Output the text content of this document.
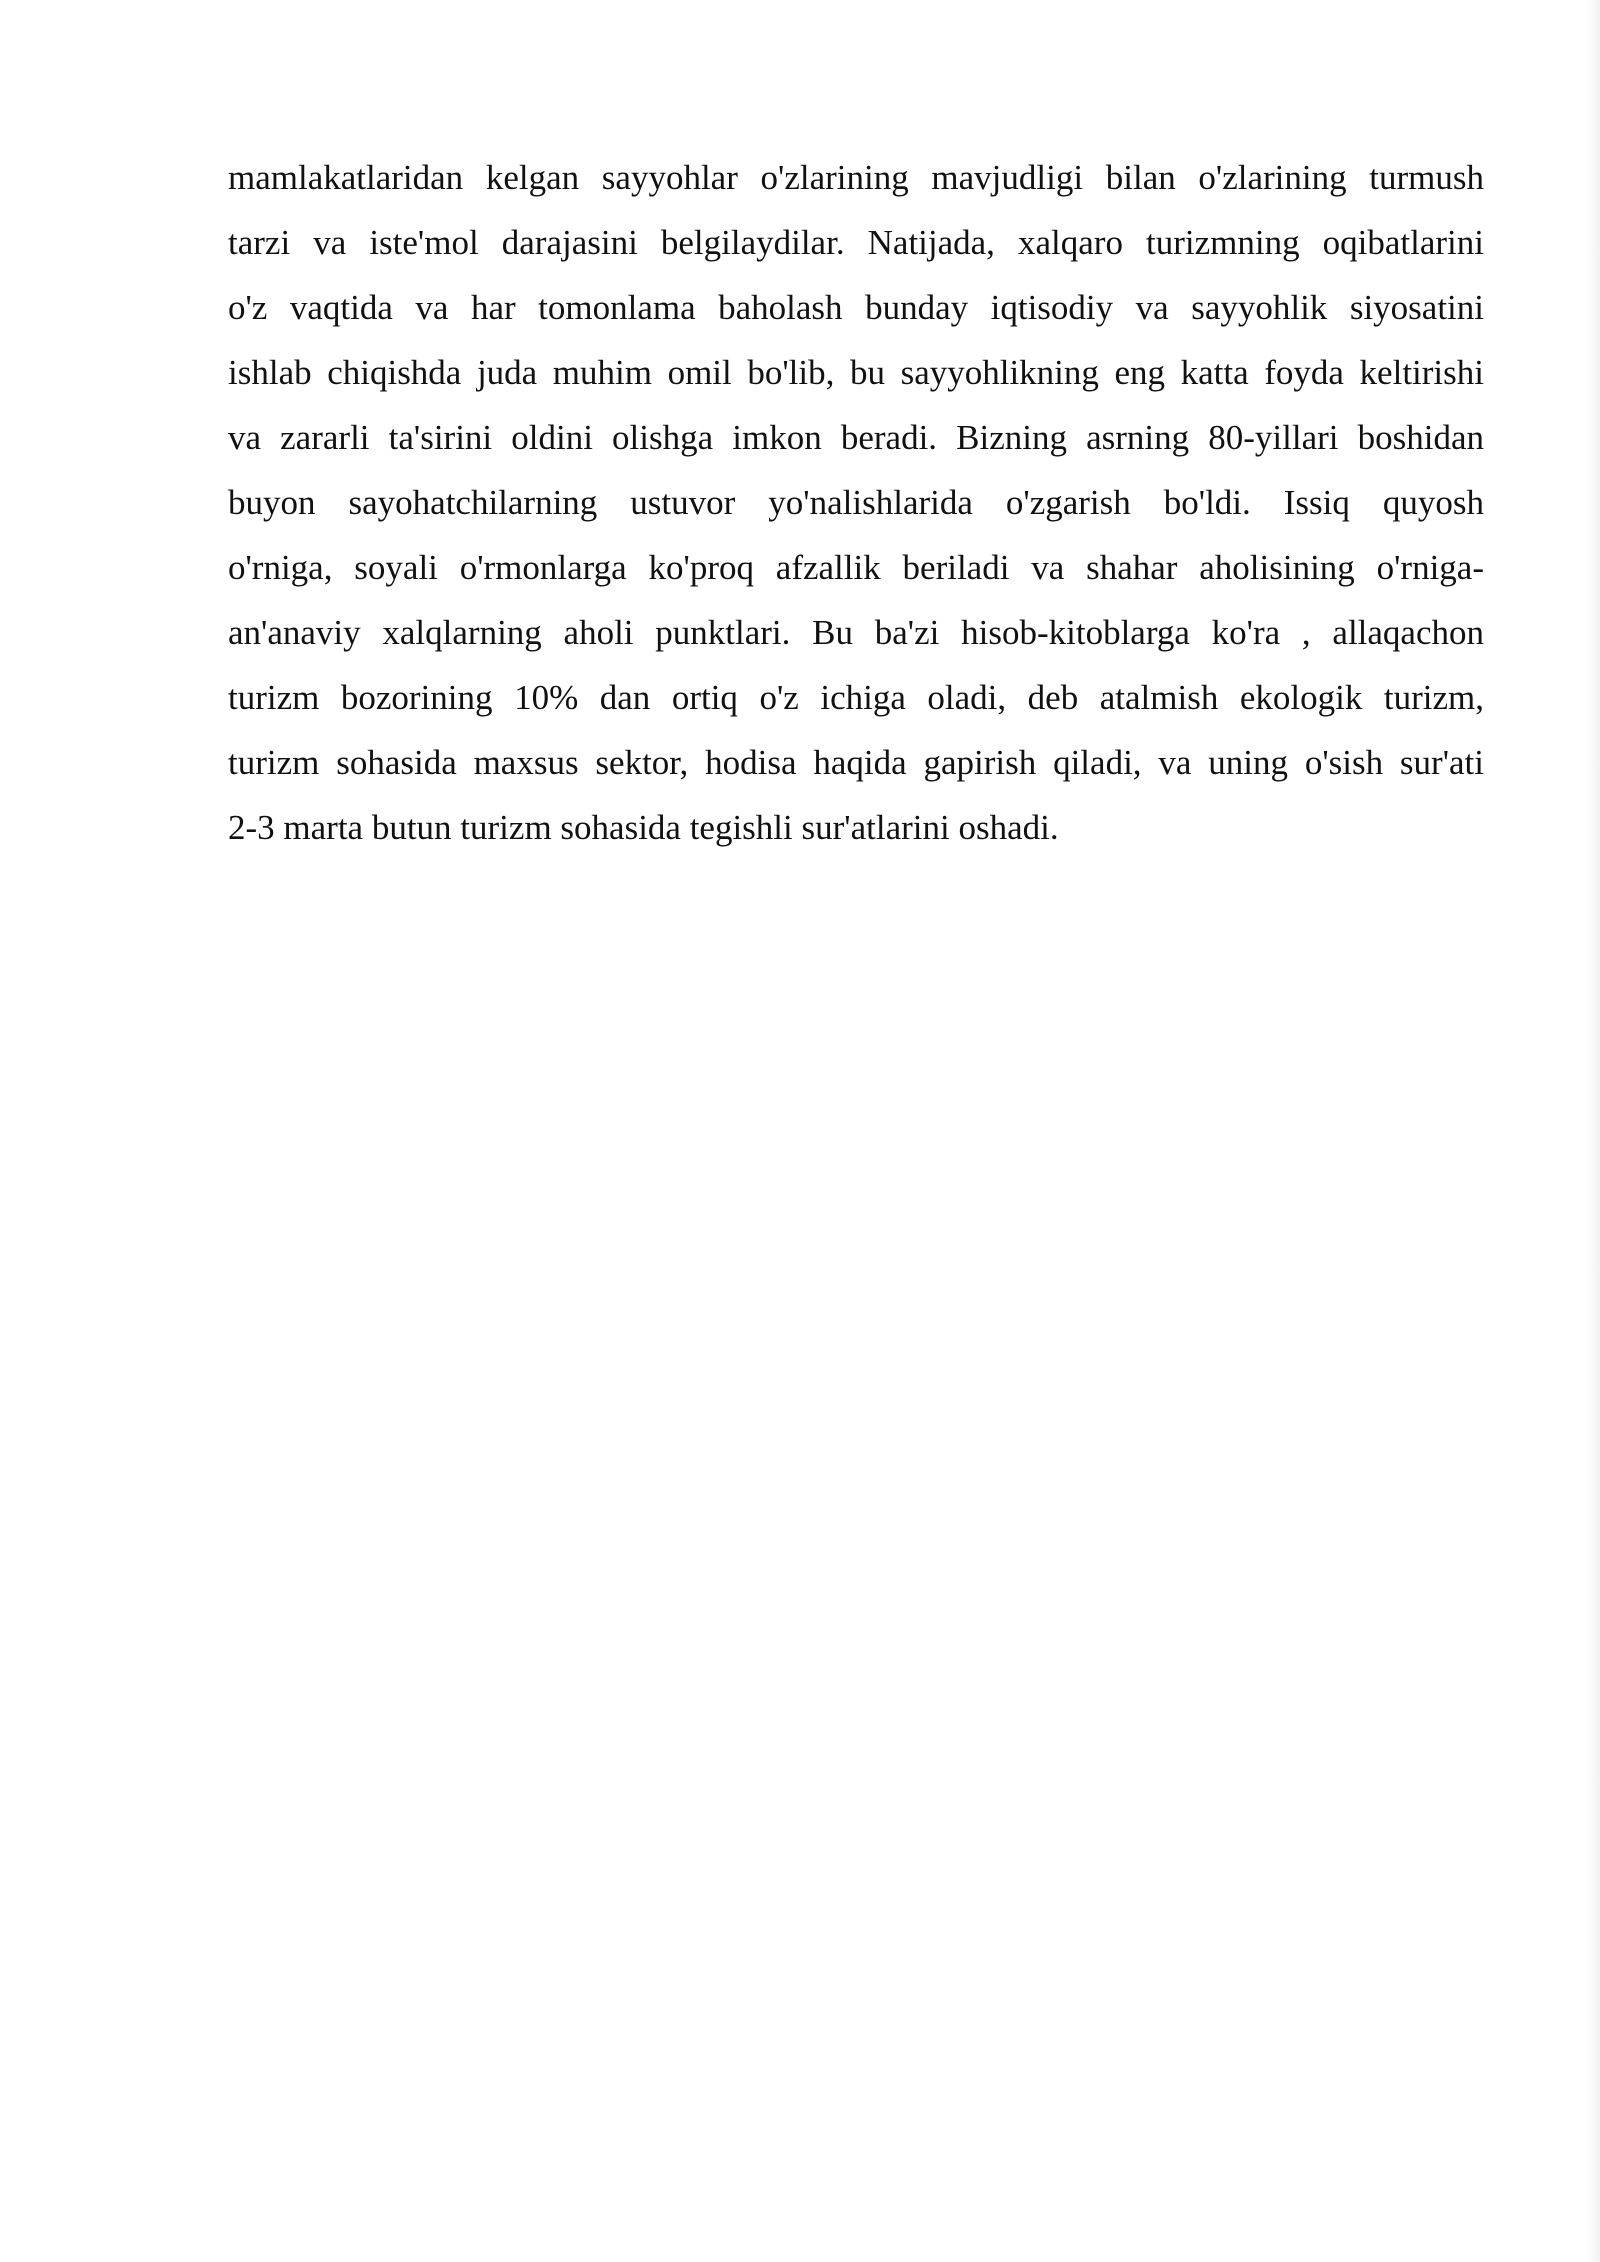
mamlakatlaridan kelgan sayyohlar o'zlarining mavjudligi bilan o'zlarining turmush
tarzi va iste'mol darajasini belgilaydilar. Natijada, xalqaro turizmning oqibatlarini
o'z vaqtida va har tomonlama baholash bunday iqtisodiy va sayyohlik siyosatini
ishlab chiqishda juda muhim omil bo'lib, bu sayyohlikning eng katta foyda keltirishi
va zararli ta'sirini oldini olishga imkon beradi. Bizning asrning 80-yillari boshidan
buyon sayohatchilarning ustuvor yo'nalishlarida o'zgarish bo'ldi. Issiq quyosh
o'rniga, soyali o'rmonlarga ko'proq afzallik beriladi va shahar aholisining o'rniga-
an'anaviy xalqlarning aholi punktlari. Bu ba'zi hisob-kitoblarga ko'ra , allaqachon
turizm bozorining 10% dan ortiq o'z ichiga oladi, deb atalmish ekologik turizm,
turizm sohasida maxsus sektor, hodisa haqida gapirish qiladi, va uning o'sish sur'ati
2-3 marta butun turizm sohasida tegishli sur'atlarini oshadi.
